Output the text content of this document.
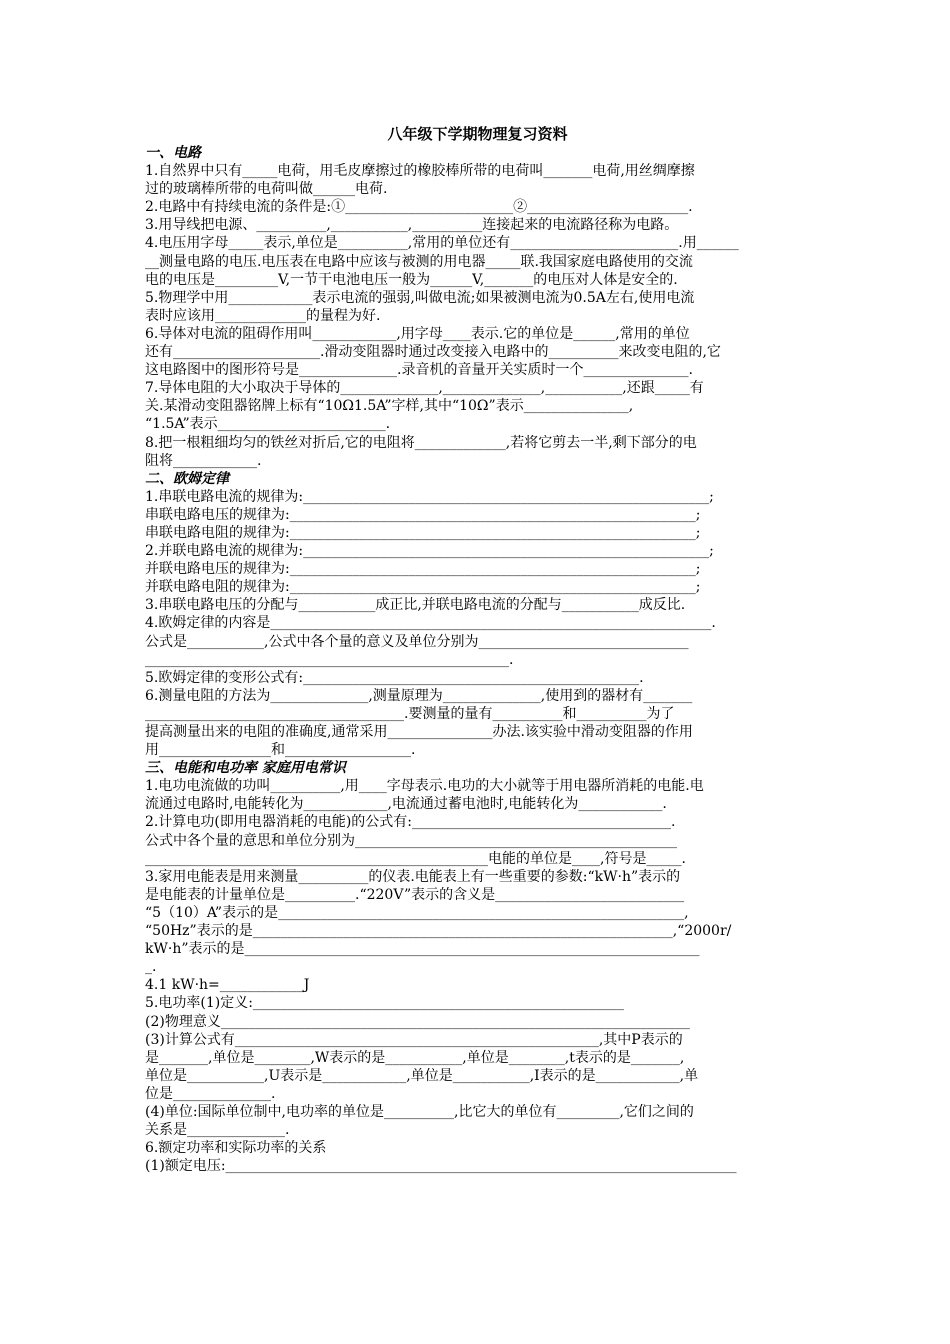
八年级下学期物理复习资料
一、电路
1.自然界中只有_____电荷，用毛皮摩擦过的橡胶棒所带的电荷叫_______电荷,用丝绸摩擦
过的玻璃棒所带的电荷叫做______电荷.
2.电路中有持续电流的条件是:①________________________②_______________________.
3.用导线把电源、__________,___________,__________连接起来的电流路径称为电路。
4.电压用字母_____表示,单位是__________,常用的单位还有________________________.用______
__测量电路的电压.电压表在电路中应该与被测的用电器_____联.我国家庭电路使用的交流
电的电压是_________V,一节干电池电压一般为______V,_______的电压对人体是安全的.
5.物理学中用____________表示电流的强弱,叫做电流;如果被测电流为0.5A左右,使用电流
表时应该用_____________的量程为好.
6.导体对电流的阻碍作用叫____________,用字母____表示.它的单位是______,常用的单位
还有_____________________.滑动变阻器时通过改变接入电路中的__________来改变电阻的,它
这电路图中的图形符号是______________.录音机的音量开关实质时一个_______________.
7.导体电阻的大小取决于导体的______________,______________,___________,还跟_____有
关.某滑动变阻器铭牌上标有“10Ω1.5A”字样,其中“10Ω”表示_______________,
“1.5A”表示________________________.
8.把一根粗细均匀的铁丝对折后,它的电阻将_____________,若将它剪去一半,剩下部分的电
阻将____________.
二、欧姆定律
1.串联电路电流的规律为:__________________________________________________________;
串联电路电压的规律为:__________________________________________________________;
串联电路电阻的规律为:__________________________________________________________;
2.并联电路电流的规律为:__________________________________________________________;
并联电路电压的规律为:__________________________________________________________;
并联电路电阻的规律为:__________________________________________________________;
3.串联电路电压的分配与___________成正比,并联电路电流的分配与___________成反比.
4.欧姆定律的内容是_______________________________________________________________.
公式是___________,公式中各个量的意义及单位分别为______________________________
____________________________________________________.
5.欧姆定律的变形公式有:________________________________________________.
6.测量电阻的方法为______________,测量原理为______________,使用到的器材有_______
_____________________________________.要测量的量有__________和__________为了
提高测量出来的电阻的准确度,通常采用_______________办法.该实验中滑动变阻器的作用
用________________和__________________.
三、电能和电功率 家庭用电常识
1.电功电流做的功叫__________,用____字母表示.电功的大小就等于用电器所消耗的电能.电
流通过电路时,电能转化为____________,电流通过蓄电池时,电能转化为____________.
2.计算电功(即用电器消耗的电能)的公式有:_____________________________________.
公式中各个量的意思和单位分别为______________________________________________
_________________________________________________电能的单位是____,符号是_____.
3.家用电能表是用来测量__________的仪表.电能表上有一些重要的参数:“kW·h”表示的
是电能表的计量单位是__________.“220V”表示的含义是___________________________
“5（10）A”表示的是__________________________________________________________,
“50Hz”表示的是____________________________________________________________,“2000r/
kW·h”表示的是_________________________________________________________________
_.
4.1 kW·h=____________J
5.电功率(1)定义:_____________________________________________________
(2)物理意义___________________________________________________________________
(3)计算公式有____________________________________________________,其中P表示的
是_______,单位是________,W表示的是___________,单位是________,t表示的是_______,
单位是___________,U表示是____________,单位是___________,I表示的是____________,单
位是______________.
(4)单位:国际单位制中,电功率的单位是__________,比它大的单位有_________,它们之间的
关系是______________.
6.额定功率和实际功率的关系
(1)额定电压:_________________________________________________________________________
